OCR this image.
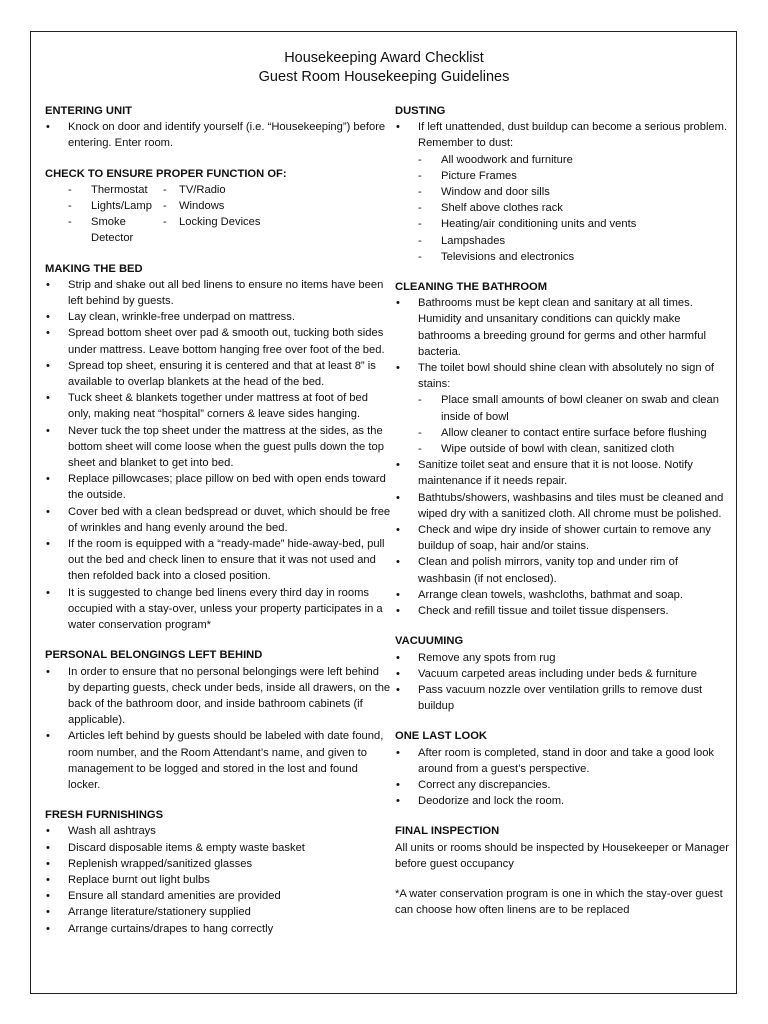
Housekeeping Award Checklist
Guest Room Housekeeping Guidelines

ENTERING UNIT

• Knock on door and identify yourself (i.e. “Housekeeping”) before entering. Enter room.

CHECK TO ENSURE PROPER FUNCTION OF:

- Thermostat	- TV/Radio
- Lights/Lamp	- Windows
- Smoke Detector
- Locking Devices

MAKING THE BED

• Strip and shake out all bed linens to ensure no items have been left behind by guests.
• Lay clean, wrinkle-free underpad on mattress.
• Spread bottom sheet over pad & smooth out, tucking both sides under mattress. Leave bottom hanging free over foot of the bed.
• Spread top sheet, ensuring it is centered and that at least 8” is available to overlap blankets at the head of the bed.
• Tuck sheet & blankets together under mattress at foot of bed only, making neat “hospital” corners & leave sides hanging.
• Never tuck the top sheet under the mattress at the sides, as the bottom sheet will come loose when the guest pulls down the top sheet and blanket to get into bed.
• Replace pillowcases; place pillow on bed with open ends toward the outside.
• Cover bed with a clean bedspread or duvet, which should be free of wrinkles and hang evenly around the bed.
• If the room is equipped with a “ready-made” hide-away-bed, pull out the bed and check linen to ensure that it was not used and then refolded back into a closed position.
• It is suggested to change bed linens every third day in rooms occupied with a stay-over, unless your property participates in a water conservation program*

PERSONAL BELONGINGS LEFT BEHIND

• In order to ensure that no personal belongings were left behind by departing guests, check under beds, inside all drawers, on the back of the bathroom door, and inside bathroom cabinets (if applicable).
• Articles left behind by guests should be labeled with date found, room number, and the Room Attendant’s name, and given to management to be logged and stored in the lost and found locker.

FRESH FURNISHINGS

• Wash all ashtrays
• Discard disposable items & empty waste basket
• Replenish wrapped/sanitized glasses
• Replace burnt out light bulbs
• Ensure all standard amenities are provided
• Arrange literature/stationery supplied
• Arrange curtains/drapes to hang correctly

DUSTING

• If left unattended, dust buildup can become a serious problem. Remember to dust:
- All woodwork and furniture
- Picture Frames
- Window and door sills
- Shelf above clothes rack
- Heating/air conditioning units and vents
- Lampshades
- Televisions and electronics

CLEANING THE BATHROOM

• Bathrooms must be kept clean and sanitary at all times. Humidity and unsanitary conditions can quickly make bathrooms a breeding ground for germs and other harmful bacteria.
• The toilet bowl should shine clean with absolutely no sign of stains:
- Place small amounts of bowl cleaner on swab and clean inside of bowl
- Allow cleaner to contact entire surface before flushing
- Wipe outside of bowl with clean, sanitized cloth
• Sanitize toilet seat and ensure that it is not loose. Notify maintenance if it needs repair.
• Bathtubs/showers, washbasins and tiles must be cleaned and wiped dry with a sanitized cloth. All chrome must be polished.
• Check and wipe dry inside of shower curtain to remove any buildup of soap, hair and/or stains.
• Clean and polish mirrors, vanity top and under rim of washbasin (if not enclosed).
• Arrange clean towels, washcloths, bathmat and soap.
• Check and refill tissue and toilet tissue dispensers.

VACUUMING

• Remove any spots from rug
• Vacuum carpeted areas including under beds & furniture
• Pass vacuum nozzle over ventilation grills to remove dust buildup

ONE LAST LOOK

• After room is completed, stand in door and take a good look around from a guest’s perspective.
• Correct any discrepancies.
• Deodorize and lock the room.

FINAL INSPECTION

All units or rooms should be inspected by Housekeeper or Manager before guest occupancy

*A water conservation program is one in which the stay-over guest can choose how often linens are to be replaced
